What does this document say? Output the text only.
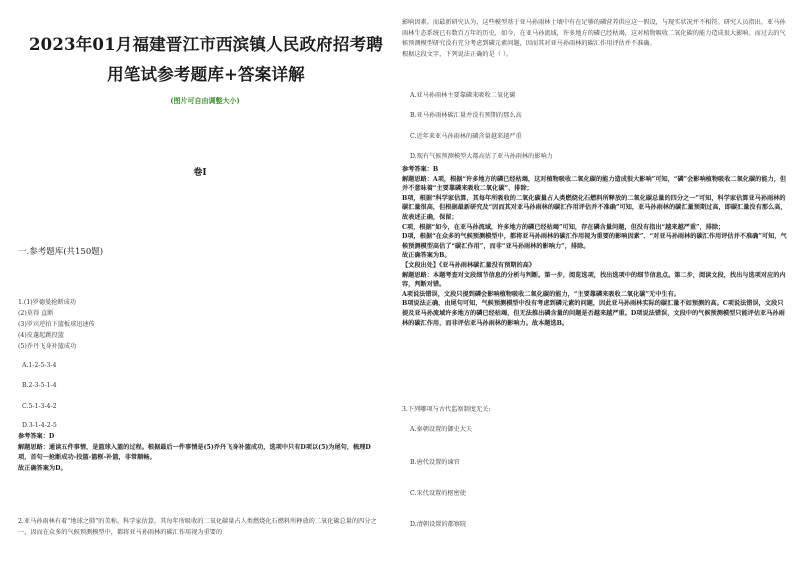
2023年01月福建晋江市西滨镇人民政府招考聘用笔试参考题库+答案详解
(图片可自由调整大小)
卷I
一.参考题库(共150题)
1.(1)罗德曼抢断成功
(2)莫得 直断
(3)罗宾逆拍下篮板球迅速传
(4)皮蓬起跳投篮
(5)乔丹飞身补篮成功
A.1-2-5-3-4
B.2-3-5-1-4
C.5-1-3-4-2
D.3-1-4-2-5

参考答案：D

解题思路：通读五件事情，是篮球入篮的过程。根据最后一件事情是(5)乔丹飞身补篮成功，选项中只有D项以(5)为尾句，梳理D项，首句一抢断成功-投篮-篮框-补篮，非常顺畅。

故正确答案为D。

2.亚马孙雨林有着“地球之肺”的美称。科学家估算，其每年所吸收的二氧化碳量占人类燃烧化石燃料所释放的二氧化碳总量的四分之一，因而在众多的气候预测模型中，都将亚马孙雨林的碳汇作用视为重要的

影响因素。而最新研究认为，这些模型基于亚马孙雨林土壤中有在足够的磷营养供应这一假设，与现实状况并不相符。研究人员指出，亚马孙雨林生态系统已有数百万年的历史，如今，在亚马孙流域，许多地方的磷已经枯竭，这对植物吸收二氧化碳的能力造成很大影响。而过去的气候预测模型研究没有充分考虑到磷元素问题，因而其对亚马孙雨林的碳汇作用评估并不准确。

根据这段文字，下列说法正确的是（ ）。

A.亚马孙雨林主要靠磷来吸收二氧化碳
B.亚马孙雨林碳汇量并没有预期的那么高
C.近年来亚马孙雨林的磷含量越来越严重
D.现有气候预测模型大都高估了亚马孙雨林的影响力

参考答案：B

解题思路：A项，根据“许多地方的磷已经枯竭，这对植物吸收二氧化碳的能力造成很大影响”可知，“磷”会影响植物吸收二氧化碳的能力，但并不意味着“主要靠磷来吸收二氧化碳”，排除；

B项，根据“科学家估算，其每年所吸收的二氧化碳量占人类燃烧化石燃料所释放的二氧化碳总量的四分之一”可知，科学家估算亚马孙雨林的碳汇量很高，但根据最新研究及“因而其对亚马孙雨林的碳汇作用评估并不准确”可知，亚马孙雨林的碳汇量预期过高，即碳汇量没有那么高，故表述正确，保留；

C项，根据“如今，在亚马孙流域，许多地方的磷已经枯竭”可知，存在磷含量问题，但没有指出“越来越严重”，排除；

D项，根据“在众多的气候预测模型中，都将亚马孙雨林的碳汇作用视为重要的影响因素”、“对亚马孙雨林的碳汇作用评估并不准确”可知，气候预测模型高估了“碳汇作用”，而非“亚马孙雨林的影响力”，排除。

故正确答案为B。

【文段出处】《亚马孙雨林碳汇量没有预期的高》

解题思路：本题考查对文段细节信息的分析与判断。第一步，阅览选项，找出选项中的细节信息点。第二步，阅读文段，找出与选项对应的内容，判断对错。

A项说法错误，文段只提到磷会影响植物吸收二氧化碳的能力，“主要靠磷来吸收二氧化碳”无中生有。

B项说法正确，由尾句可知，气候预测模型中没有考虑到磷元素的问题，因此亚马孙雨林实际的碳汇量不如预测的高。C项说法错误，文段只提及亚马孙流域许多地方的磷已经枯竭，但无法推出磷含量的问题是否越来越严重。D项说法错误，文段中的气候预测模型只能评估亚马孙雨林的碳汇作用，而非评估亚马孙雨林的影响力。故本题选B。

3.下列哪项与古代监察制度无关:
A.秦朝设置的御史大夫
B.唐代设置的谏官
C.宋代设置的枢密使
D.清朝设置的都察院
